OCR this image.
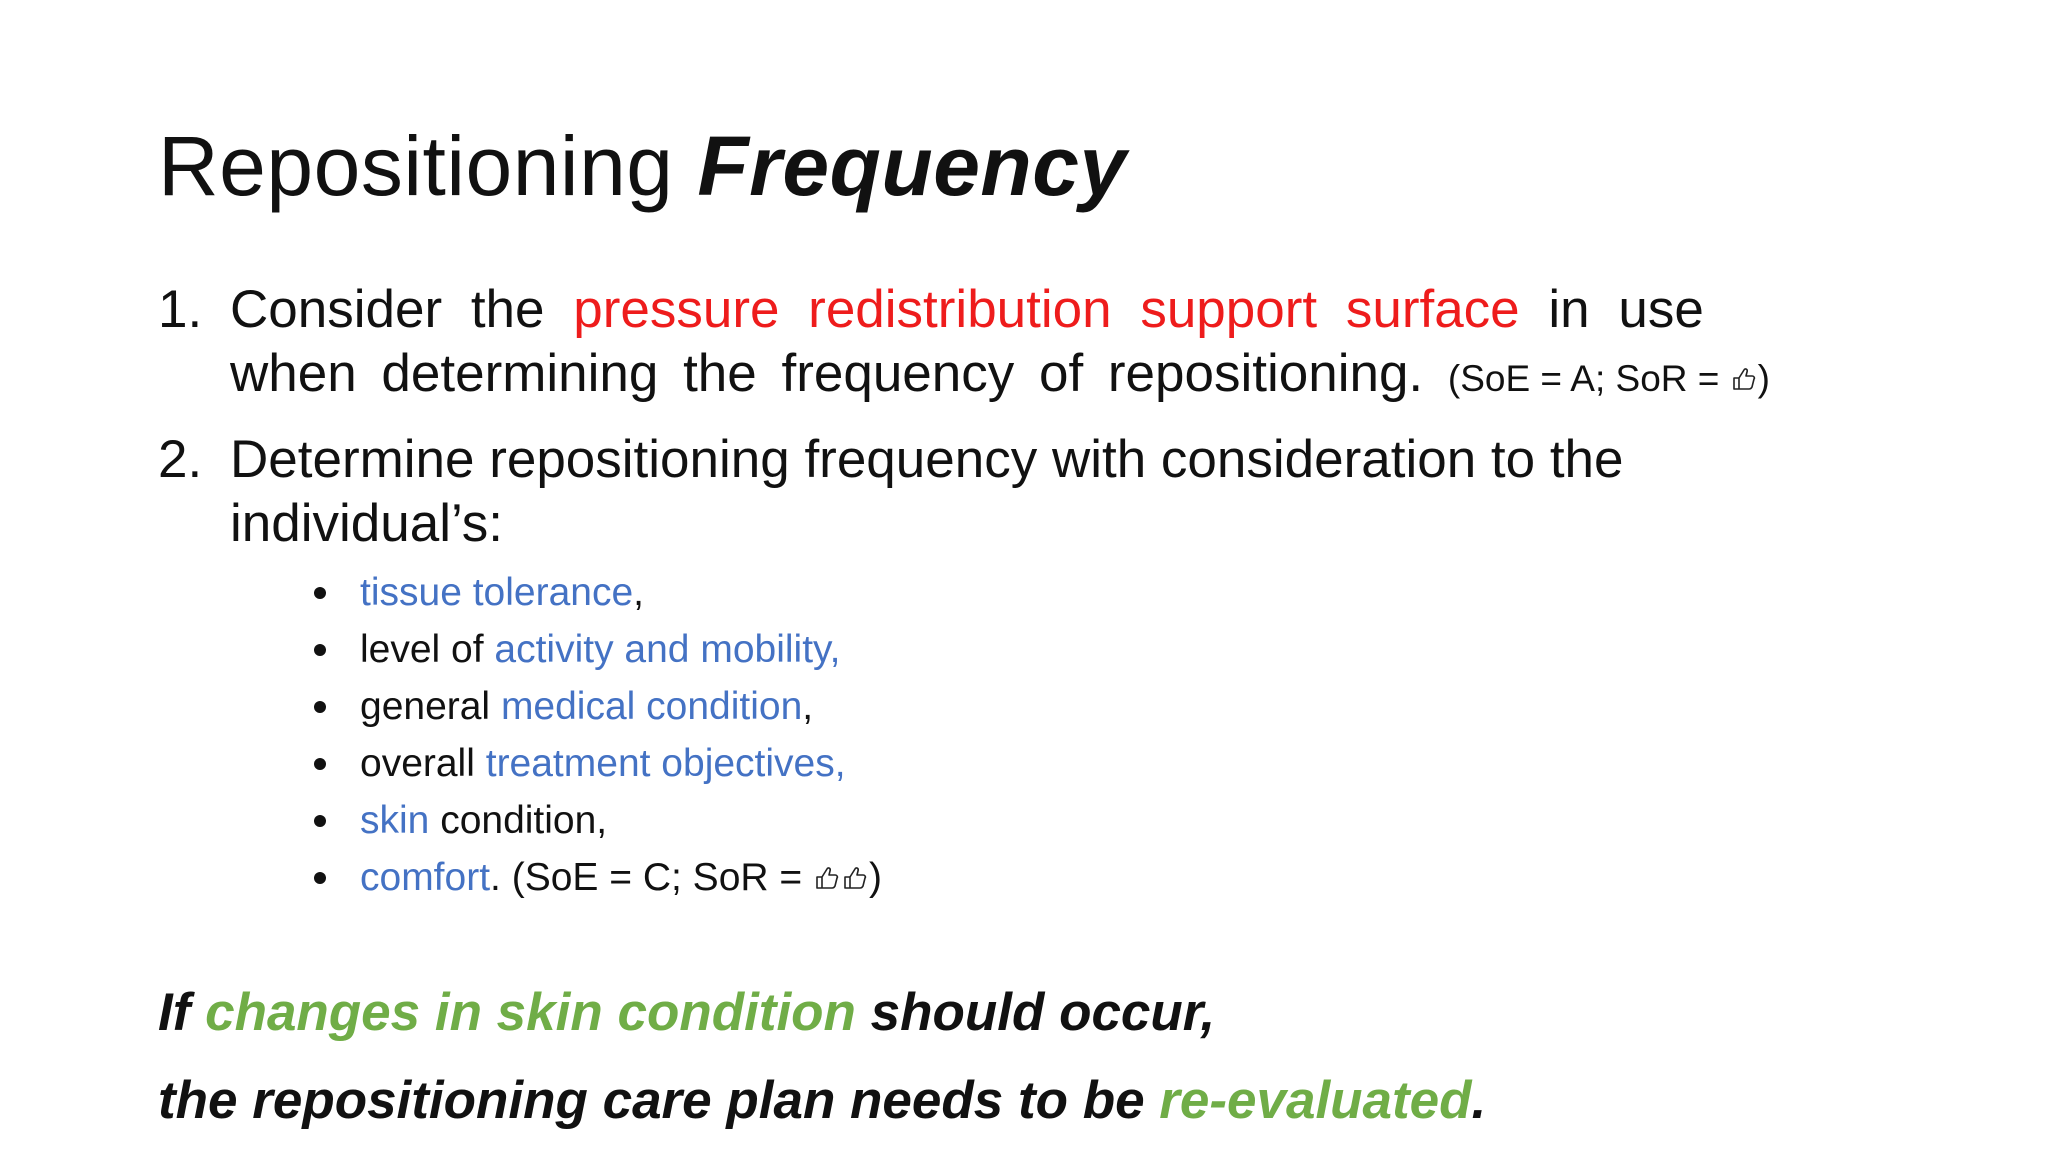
Repositioning Frequency
1. Consider the pressure redistribution support surface in use
when determining the frequency of repositioning. (SoE = A; SoR =
)
2. Determine repositioning frequency with consideration to the
individual’s:
tissue tolerance,
level of activity and mobility,
general medical condition,
overall treatment objectives,
skin condition,
comfort. (SoE = C; SoR =
)

If changes in skin condition should occur,

the repositioning care plan needs to be re-evaluated.
